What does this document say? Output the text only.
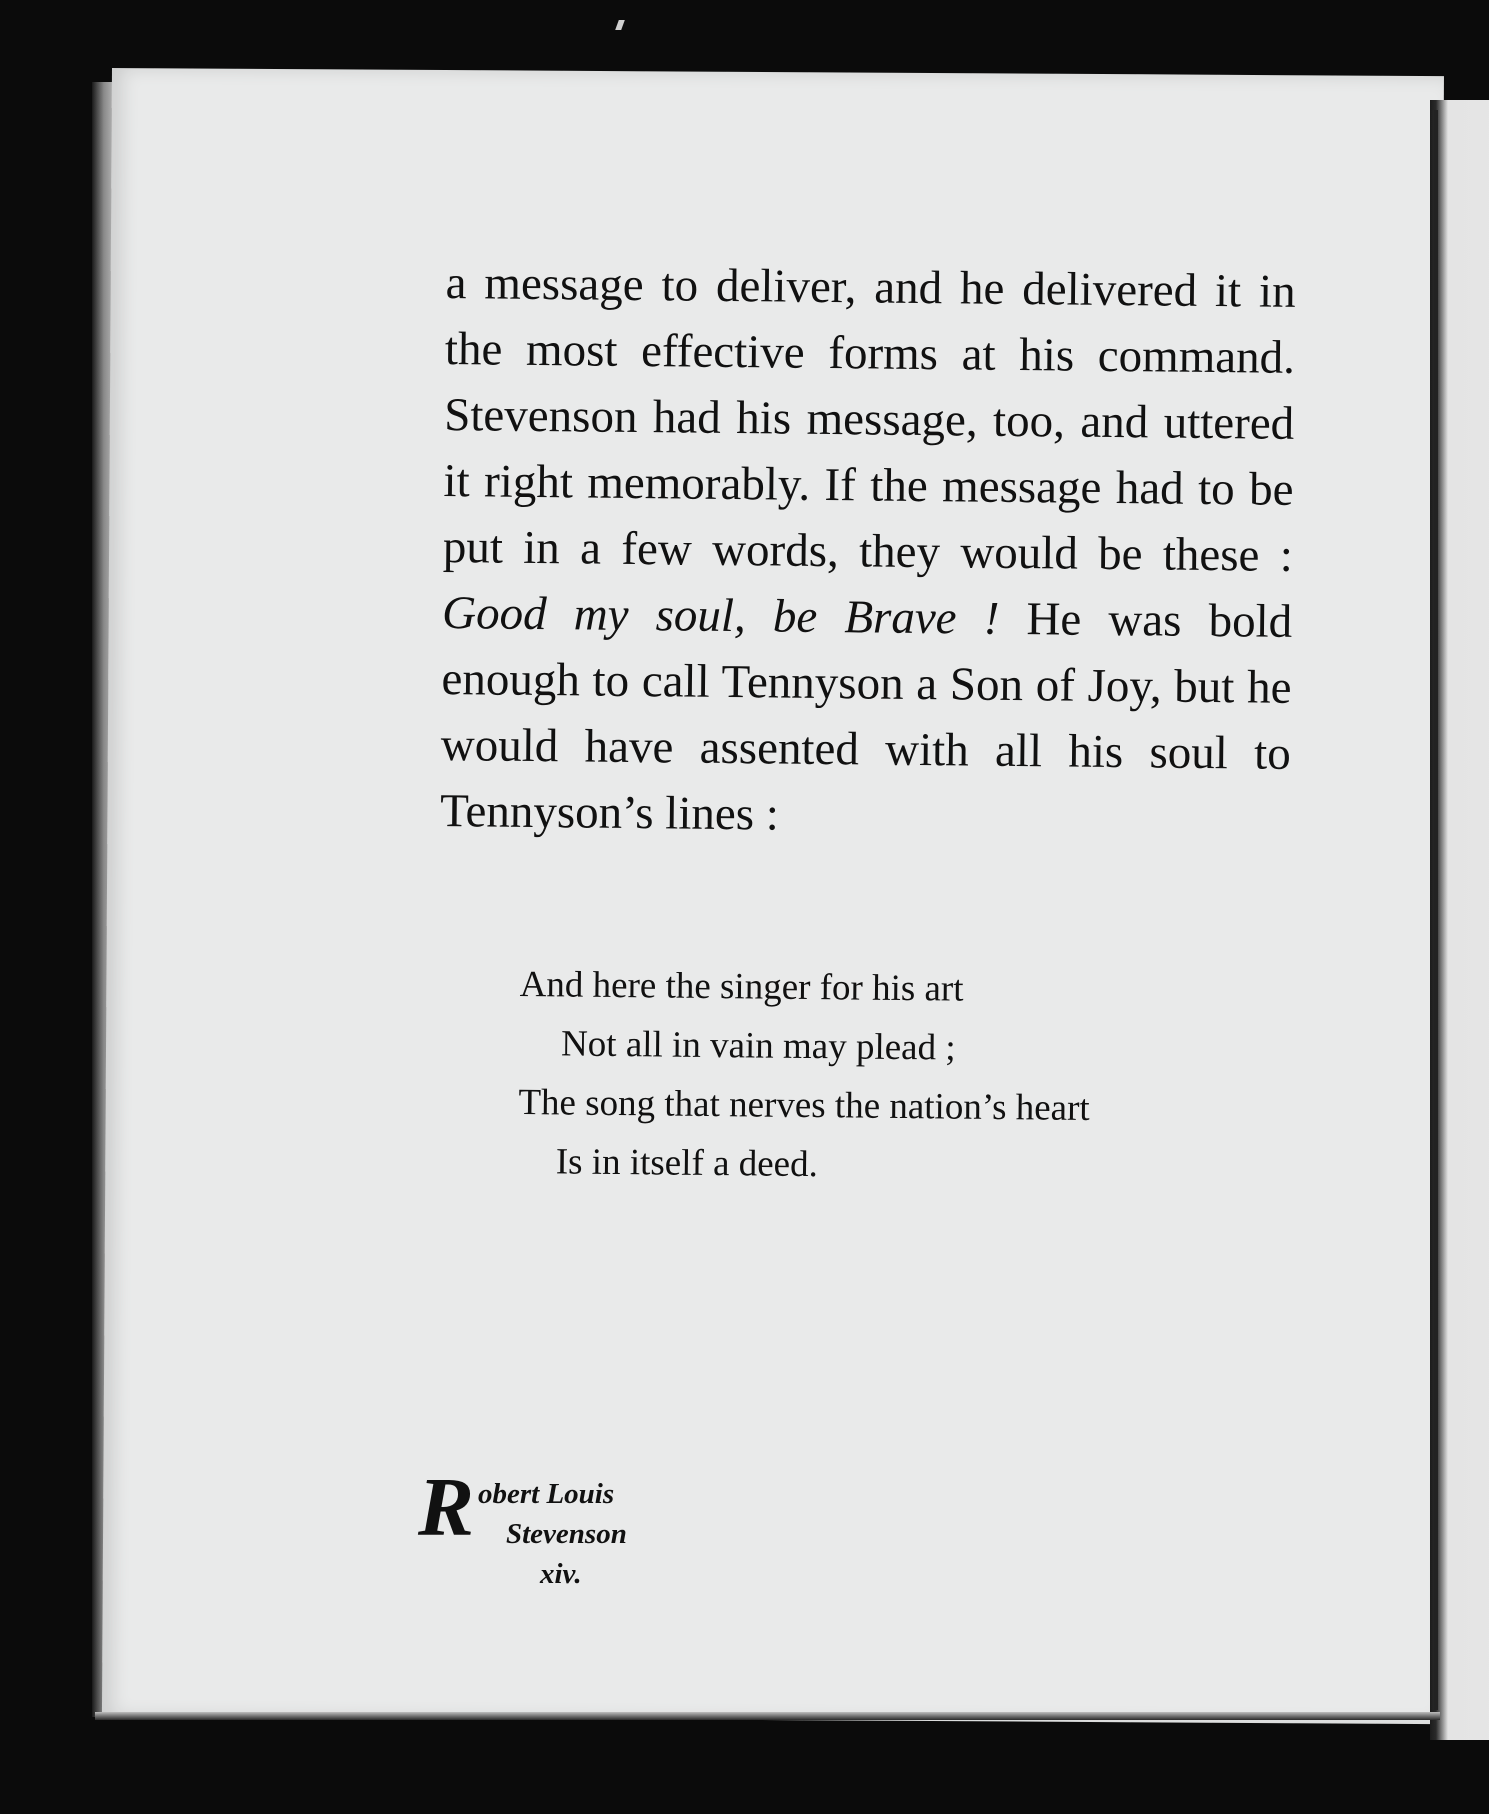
a message to deliver, and he delivered it in the most effective forms at his command. Stevenson had his message, too, and uttered it right memorably. If the message had to be put in a few words, they would be these : Good my soul, be Brave ! He was bold enough to call Tennyson a Son of Joy, but he would have assented with all his soul to Tennyson’s lines :

And here the singer for his art
Not all in vain may plead ;
The song that nerves the nation’s heart
Is in itself a deed.
R obert Louis
Stevenson
xiv.
